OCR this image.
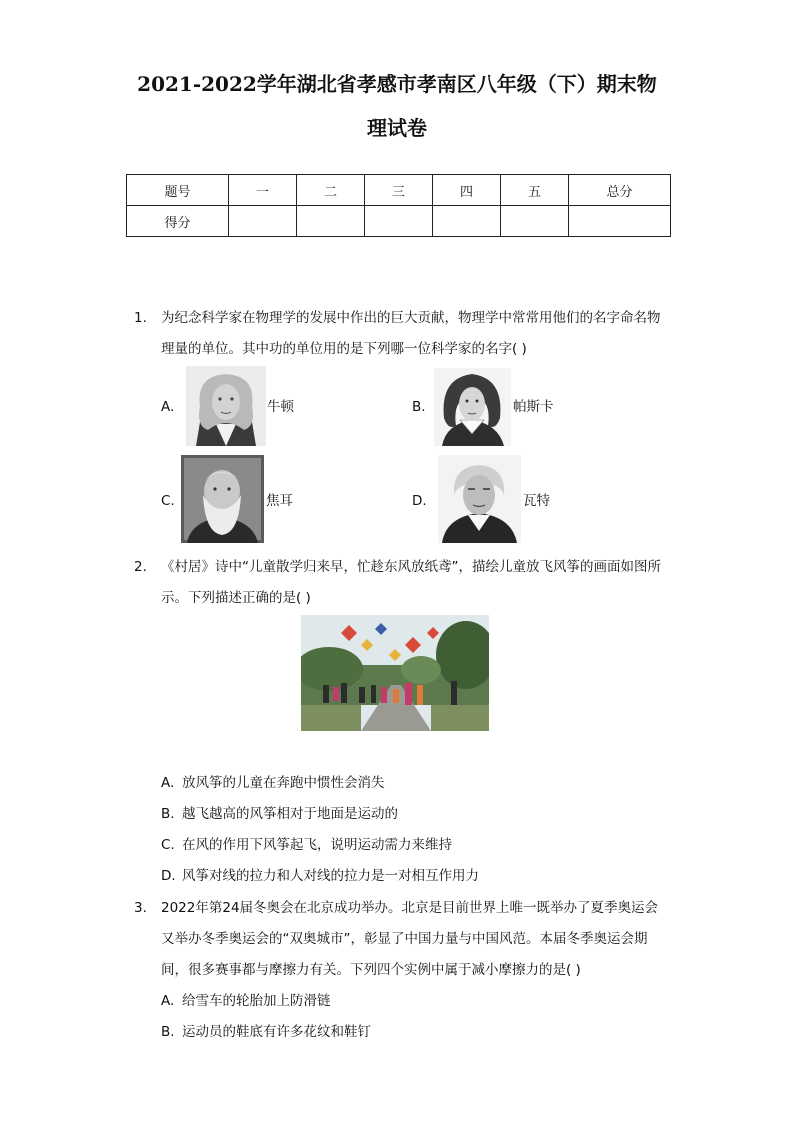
2021-2022学年湖北省孝感市孝南区八年级（下）期末物
理试卷
题号	一	二	三	四	五	总分
得分						
1.	为纪念科学家在物理学的发展中作出的巨大贡献，物理学中常常用他们的名字命名物理量的单位。其中功的单位用的是下列哪一位科学家的名字( )
A.	牛顿	B.	帕斯卡
C.	焦耳	D.	瓦特
2.	《村居》诗中“儿童散学归来早，忙趁东风放纸鸢”，描绘儿童放飞风筝的画面如图所示。下列描述正确的是( )
A. 放风筝的儿童在奔跑中惯性会消失
B. 越飞越高的风筝相对于地面是运动的
C. 在风的作用下风筝起飞，说明运动需力来维持
D. 风筝对线的拉力和人对线的拉力是一对相互作用力
3.	2022年第24届冬奥会在北京成功举办。北京是目前世界上唯一既举办了夏季奥运会又举办冬季奥运会的“双奥城市”，彰显了中国力量与中国风范。本届冬季奥运会期间，很多赛事都与摩擦力有关。下列四个实例中属于减小摩擦力的是( )
A. 给雪车的轮胎加上防滑链
B. 运动员的鞋底有许多花纹和鞋钉
